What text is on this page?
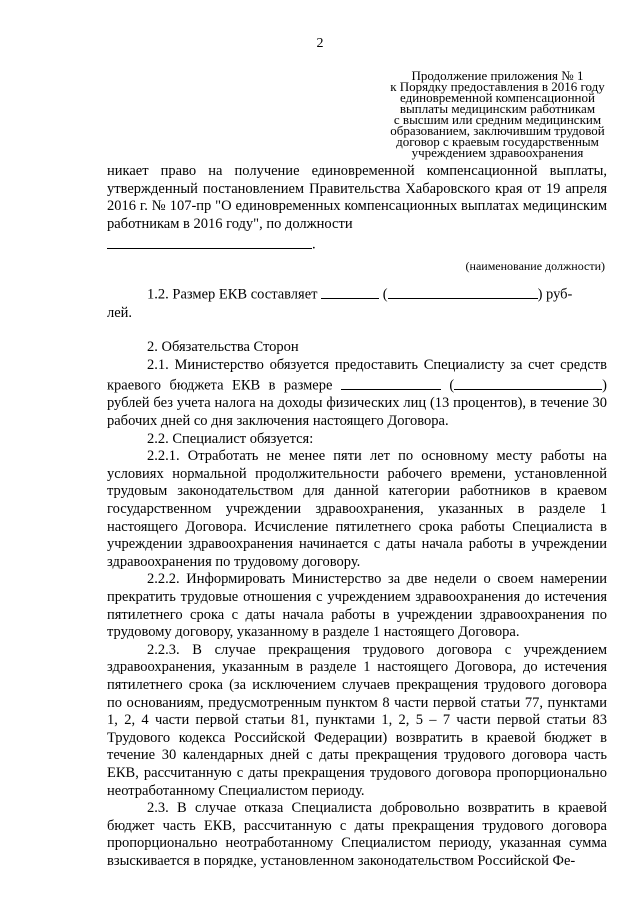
2
Продолжение приложения № 1
к Порядку предоставления в 2016 году
единовременной компенсационной
выплаты медицинским работникам
с высшим или средним медицинским
образованием, заключившим трудовой
договор с краевым государственным
учреждением здравоохранения

никает право на получение единовременной компенсационной выплаты, утвержденный постановлением Правительства Хабаровского края от 19 апреля 2016 г. № 107-пр "О единовременных компенсационных выплатах медицинским работникам в 2016 году", по должности

.

(наименование должности)

1.2. Размер ЕКВ составляет	(	) руб-

лей.

2. Обязательства Сторон

2.1. Министерство обязуется предоставить Специалисту за счет средств краевого бюджета ЕКВ в размере	(	) рублей без учета налога на доходы физических лиц (13 процентов), в течение 30 рабочих дней со дня заключения настоящего Договора.

2.2. Специалист обязуется:

2.2.1. Отработать не менее пяти лет по основному месту работы на условиях нормальной продолжительности рабочего времени, установленной трудовым законодательством для данной категории работников в краевом государственном учреждении здравоохранения, указанных в разделе 1 настоящего Договора. Исчисление пятилетнего срока работы Специалиста в учреждении здравоохранения начинается с даты начала работы в учреждении здравоохранения по трудовому договору.

2.2.2. Информировать Министерство за две недели о своем намерении прекратить трудовые отношения с учреждением здравоохранения до истечения пятилетнего срока с даты начала работы в учреждении здравоохранения по трудовому договору, указанному в разделе 1 настоящего Договора.

2.2.3. В случае прекращения трудового договора с учреждением здравоохранения, указанным в разделе 1 настоящего Договора, до истечения пятилетнего срока (за исключением случаев прекращения трудового договора по основаниям, предусмотренным пунктом 8 части первой статьи 77, пунктами 1, 2, 4 части первой статьи 81, пунктами 1, 2, 5 – 7 части первой статьи 83 Трудового кодекса Российской Федерации) возвратить в краевой бюджет в течение 30 календарных дней с даты прекращения трудового договора часть ЕКВ, рассчитанную с даты прекращения трудового договора пропорционально неотработанному Специалистом периоду.

2.3. В случае отказа Специалиста добровольно возвратить в краевой бюджет часть ЕКВ, рассчитанную с даты прекращения трудового договора пропорционально неотработанному Специалистом периоду, указанная сумма взыскивается в порядке, установленном законодательством Российской Фе-
